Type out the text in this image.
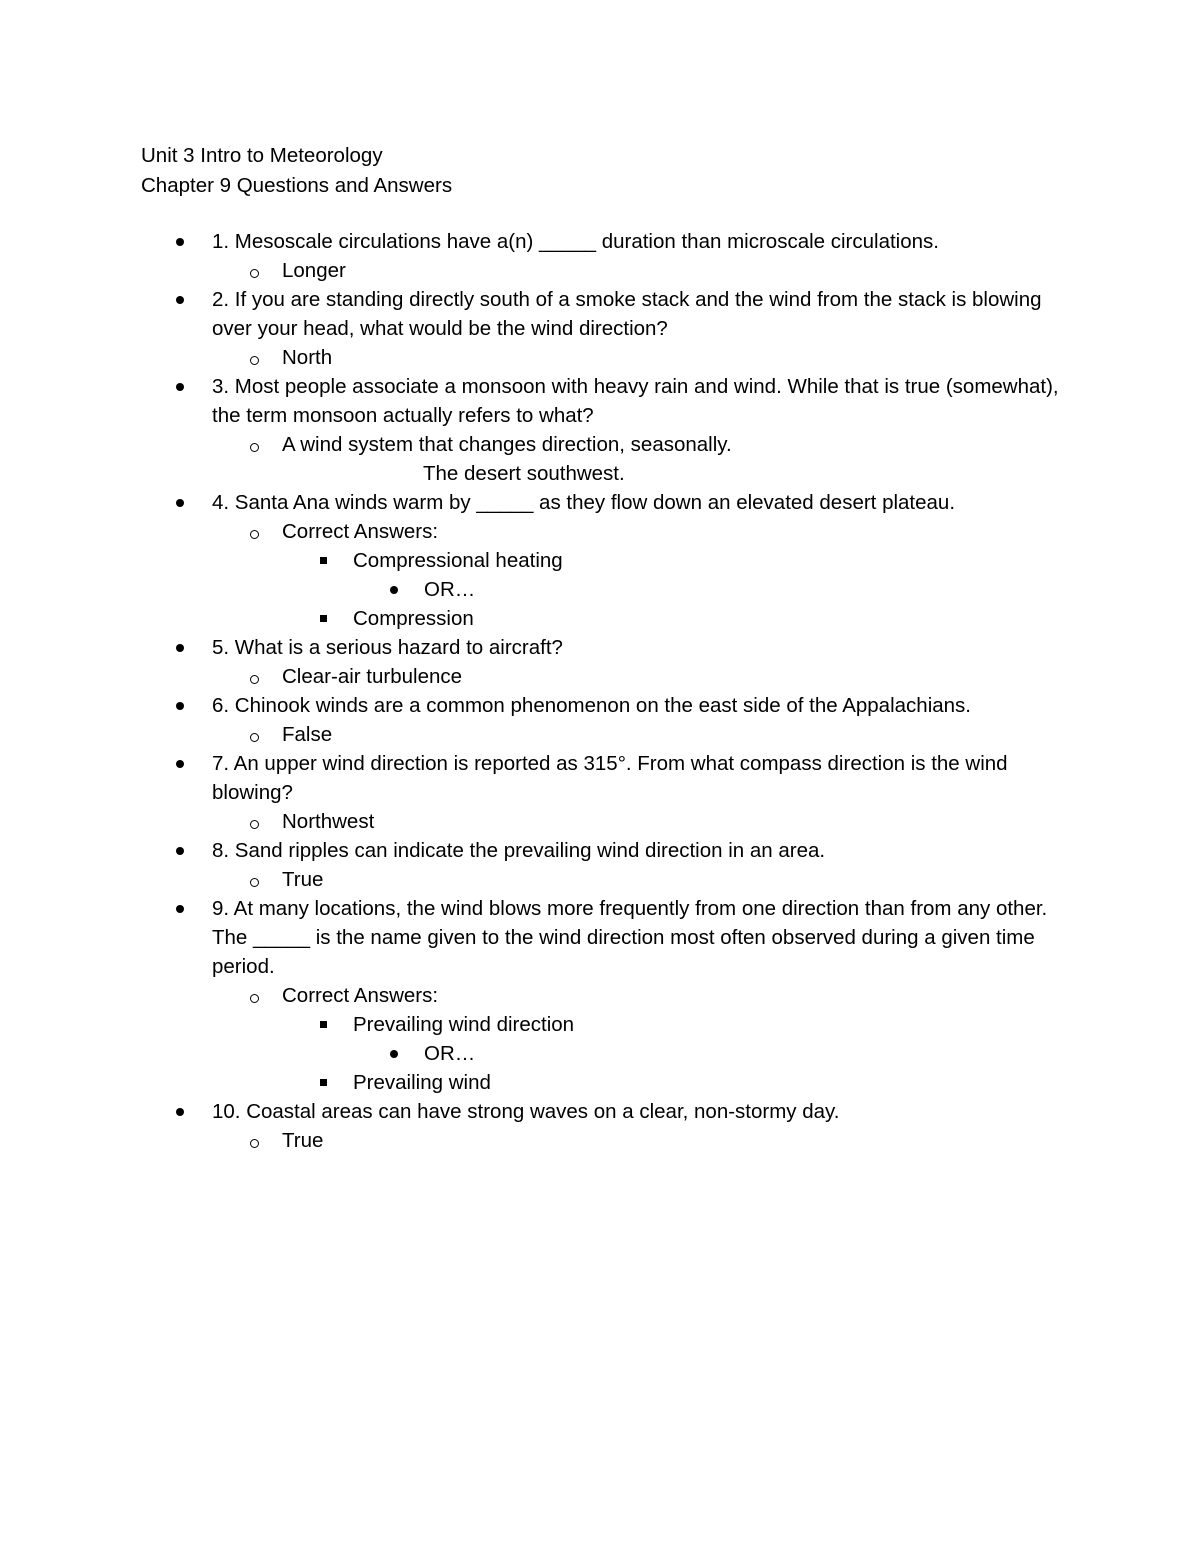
Unit 3 Intro to Meteorology
Chapter 9 Questions and Answers
1. Mesoscale circulations have a(n) _____ duration than microscale circulations.
Longer
2. If you are standing directly south of a smoke stack and the wind from the stack is blowing over your head, what would be the wind direction?
North
3. Most people associate a monsoon with heavy rain and wind. While that is true (somewhat), the term monsoon actually refers to what?
A wind system that changes direction, seasonally.
The desert southwest.
4. Santa Ana winds warm by _____ as they flow down an elevated desert plateau.
Correct Answers:
Compressional heating
OR…
Compression
5. What is a serious hazard to aircraft?
Clear-air turbulence
6. Chinook winds are a common phenomenon on the east side of the Appalachians.
False
7. An upper wind direction is reported as 315°. From what compass direction is the wind blowing?
Northwest
8. Sand ripples can indicate the prevailing wind direction in an area.
True
9. At many locations, the wind blows more frequently from one direction than from any other. The _____ is the name given to the wind direction most often observed during a given time period.
Correct Answers:
Prevailing wind direction
OR…
Prevailing wind
10. Coastal areas can have strong waves on a clear, non-stormy day.
True
